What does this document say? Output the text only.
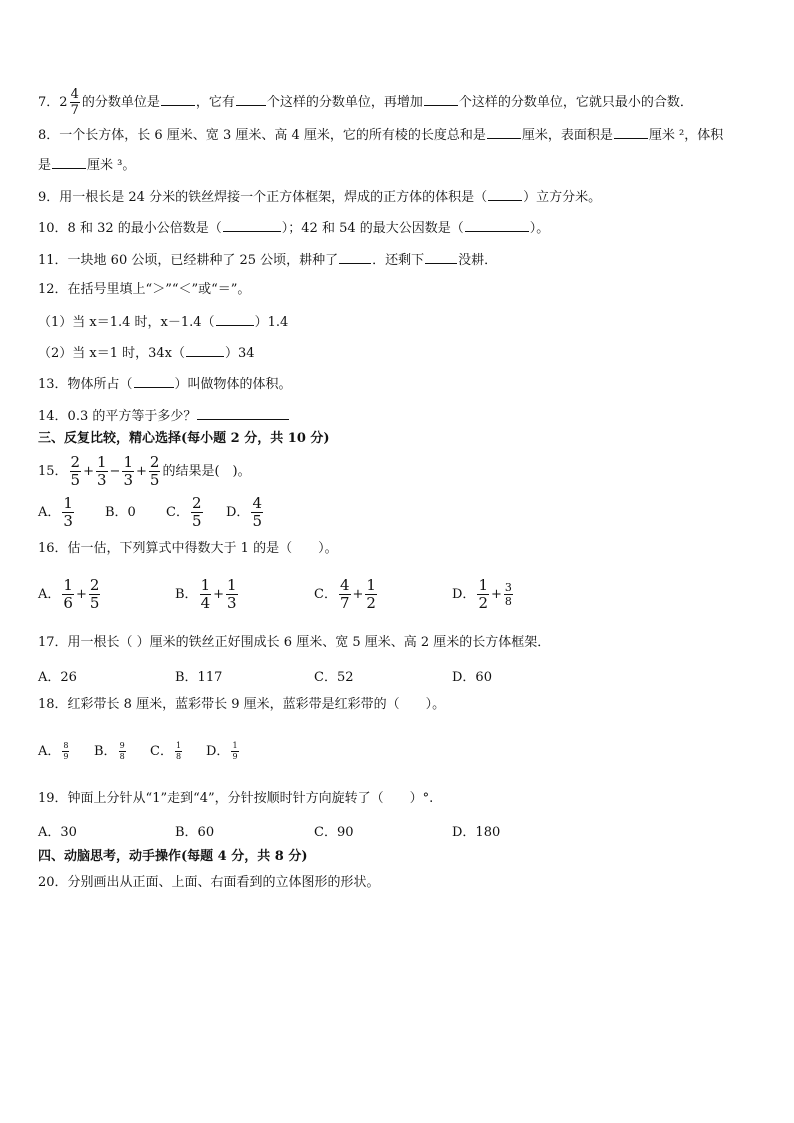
7．$2 \frac{4}{7}$ 的分数单位是	，它有 个这样的分数单位，再增加	个这样的分数单位，它就只最小的合数．
8．一个长方体，长 6 厘米、宽 3 厘米、高 4 厘米，它的所有棱的长度总和是	厘米，表面积是	厘米 ²，体积
是	厘米 ³。
9．用一根长是 24 分米的铁丝焊接一个正方体框架，焊成的正方体的体积是（	）立方分米。
10．8 和 32 的最小公倍数是（	）；42 和 54 的最大公因数是（	）。
11．一块地 60 公顷，已经耕种了 25 公顷，耕种了	．还剩下	没耕．
12．在括号里填上“＞”“＜”或“＝”。
（1）当 x＝1.4 时，x－1.4（	）1.4
（2）当 x＝1 时，34x（	）34
13．物体所占（	）叫做物体的体积。
14．0.3 的平方等于多少？
三、反复比较，精心选择(每小题 2 分，共 10 分)
15． $\frac{2}{5} + \frac{1}{3} - \frac{1}{3} + \frac{2}{5}$ 的结果是(　)。
A． $\frac{1}{3}$ B．0 C． $\frac{2}{5}$ D． $\frac{4}{5}$
16．估一估，下列算式中得数大于 1 的是（　　）。
A． $\frac{1}{6} + \frac{2}{5}$	B． $\frac{1}{4} + \frac{1}{3}$	C． $\frac{4}{7} + \frac{1}{2}$	D． $\frac{1}{2} + \frac{3}{8}$
17．用一根长（ ）厘米的铁丝正好围成长 6 厘米、宽 5 厘米、高 2 厘米的长方体框架．
A．26	B．117	C．52	D．60
18．红彩带长 8 厘米，蓝彩带长 9 厘米，蓝彩带是红彩带的（　　）。
A． $\frac{8}{9}$ B． $\frac{9}{8}$ C． $\frac{1}{8}$ D． $\frac{1}{9}$
19．钟面上分针从“1”走到“4”，分针按顺时针方向旋转了（　　）°.
A．30	B．60	C．90	D．180
四、动脑思考，动手操作(每题 4 分，共 8 分)
20．分别画出从正面、上面、右面看到的立体图形的形状。
